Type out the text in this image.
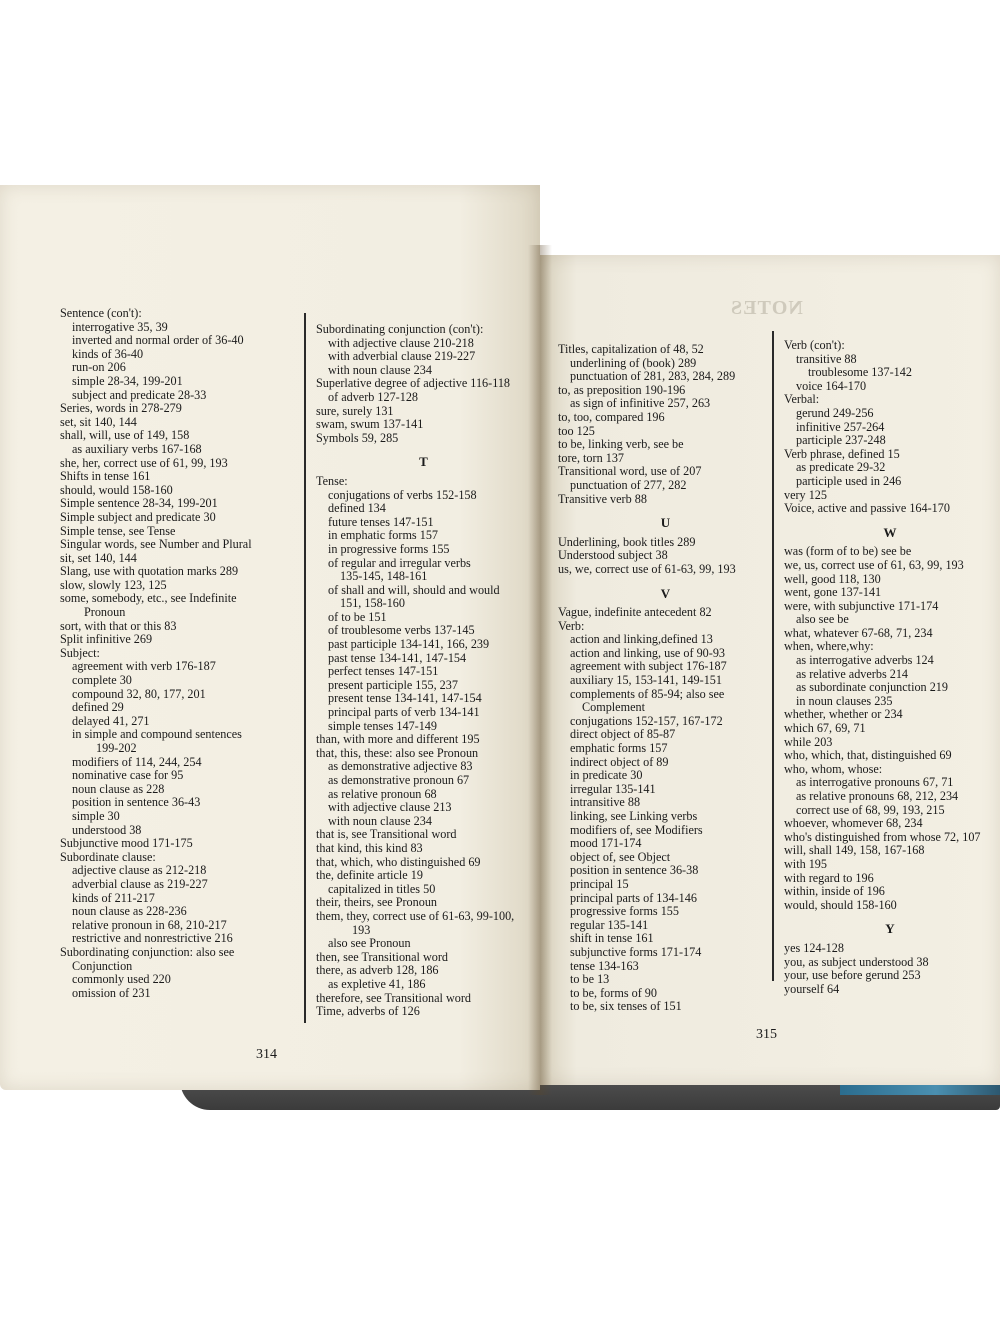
Sentence (con't):
interrogative 35, 39
inverted and normal order of 36-40
kinds of 36-40
run-on 206
simple 28-34, 199-201
subject and predicate 28-33
Series, words in 278-279
set, sit 140, 144
shall, will, use of 149, 158
as auxiliary verbs 167-168
she, her, correct use of 61, 99, 193
Shifts in tense 161
should, would 158-160
Simple sentence 28-34, 199-201
Simple subject and predicate 30
Simple tense, see Tense
Singular words, see Number and Plural
sit, set 140, 144
Slang, use with quotation marks 289
slow, slowly 123, 125
some, somebody, etc., see Indefinite
Pronoun
sort, with that or this 83
Split infinitive 269
Subject:
agreement with verb 176-187
complete 30
compound 32, 80, 177, 201
defined 29
delayed 41, 271
in simple and compound sentences
199-202
modifiers of 114, 244, 254
nominative case for 95
noun clause as 228
position in sentence 36-43
simple 30
understood 38
Subjunctive mood 171-175
Subordinate clause:
adjective clause as 212-218
adverbial clause as 219-227
kinds of 211-217
noun clause as 228-236
relative pronoun in 68, 210-217
restrictive and nonrestrictive 216
Subordinating conjunction: also see
Conjunction
commonly used 220
omission of 231
Subordinating conjunction (con't):
with adjective clause 210-218
with adverbial clause 219-227
with noun clause 234
Superlative degree of adjective 116-118
of adverb 127-128
sure, surely 131
swam, swum 137-141
Symbols 59, 285
T
Tense:
conjugations of verbs 152-158
defined 134
future tenses 147-151
in emphatic forms 157
in progressive forms 155
of regular and irregular verbs
135-145, 148-161
of shall and will, should and would
151, 158-160
of to be 151
of troublesome verbs 137-145
past participle 134-141, 166, 239
past tense 134-141, 147-154
perfect tenses 147-151
present participle 155, 237
present tense 134-141, 147-154
principal parts of verb 134-141
simple tenses 147-149
than, with more and different 195
that, this, these: also see Pronoun
as demonstrative adjective 83
as demonstrative pronoun 67
as relative pronoun 68
with adjective clause 213
with noun clause 234
that is, see Transitional word
that kind, this kind 83
that, which, who distinguished 69
the, definite article 19
capitalized in titles 50
their, theirs, see Pronoun
them, they, correct use of 61-63, 99-100,
193
also see Pronoun
then, see Transitional word
there, as adverb 128, 186
as expletive 41, 186
therefore, see Transitional word
Time, adverbs of 126
314
NOTES
Titles, capitalization of 48, 52
underlining of (book) 289
punctuation of 281, 283, 284, 289
to, as preposition 190-196
as sign of infinitive 257, 263
to, too, compared 196
too 125
to be, linking verb, see be
tore, torn 137
Transitional word, use of 207
punctuation of 277, 282
Transitive verb 88
U
Underlining, book titles 289
Understood subject 38
us, we, correct use of 61-63, 99, 193
V
Vague, indefinite antecedent 82
Verb:
action and linking,defined 13
action and linking, use of 90-93
agreement with subject 176-187
auxiliary 15, 153-141, 149-151
complements of 85-94; also see
Complement
conjugations 152-157, 167-172
direct object of 85-87
emphatic forms 157
indirect object of 89
in predicate 30
irregular 135-141
intransitive 88
linking, see Linking verbs
modifiers of, see Modifiers
mood 171-174
object of, see Object
position in sentence 36-38
principal 15
principal parts of 134-146
progressive forms 155
regular 135-141
shift in tense 161
subjunctive forms 171-174
tense 134-163
to be 13
to be, forms of 90
to be, six tenses of 151
Verb (con't):
transitive 88
troublesome 137-142
voice 164-170
Verbal:
gerund 249-256
infinitive 257-264
participle 237-248
Verb phrase, defined 15
as predicate 29-32
participle used in 246
very 125
Voice, active and passive 164-170
W
was (form of to be) see be
we, us, correct use of 61, 63, 99, 193
well, good 118, 130
went, gone 137-141
were, with subjunctive 171-174
also see be
what, whatever 67-68, 71, 234
when, where,why:
as interrogative adverbs 124
as relative adverbs 214
as subordinate conjunction 219
in noun clauses 235
whether, whether or 234
which 67, 69, 71
while 203
who, which, that, distinguished 69
who, whom, whose:
as interrogative pronouns 67, 71
as relative pronouns 68, 212, 234
correct use of 68, 99, 193, 215
whoever, whomever 68, 234
who's distinguished from whose 72, 107
will, shall 149, 158, 167-168
with 195
with regard to 196
within, inside of 196
would, should 158-160
Y
yes 124-128
you, as subject understood 38
your, use before gerund 253
yourself 64
315
